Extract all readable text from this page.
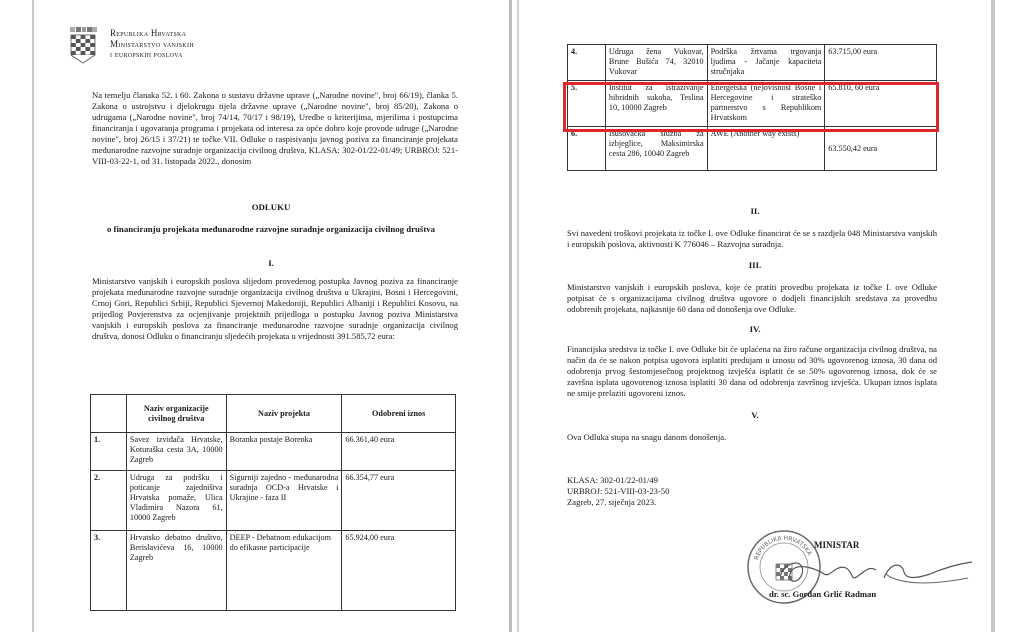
Republika Hrvatska
Ministarstvo vanjskih
i europskih poslova

Na temelju članaka 52. i 60. Zakona o sustavu državne uprave („Narodne novine", broj 66/19), članka 5. Zakona o ustrojstvu i djelokrugu tijela državne uprave („Narodne novine", broj 85/20), Zakona o udrugama („Narodne novine", broj 74/14, 70/17 i 98/19), Uredbe o kriterijima, mjerilima i postupcima financiranja i ugovaranja programa i projekata od interesa za opće dobro koje provode udruge („Narodne novine", broj 26/15 i 37/21) te točke VII. Odluke o raspisivanju javnog poziva za financiranje projekata međunarodne razvojne suradnje organizacija civilnog društva, KLASA: 302-01/22-01/49; URBROJ: 521-VIII-03-22-1, od 31. listopada 2022., donosim

ODLUKU
o financiranju projekata međunarodne razvojne suradnje organizacija civilnog društva
I.

Ministarstvo vanjskih i europskih poslova slijedom provedenog postupka Javnog poziva za financiranje projekata međunarodne razvojne suradnje organizacija civilnog društva u Ukrajini, Bosni i Hercegovini, Crnoj Gori, Republici Srbiji, Republici Sjevernoj Makedoniji, Republici Albaniji i Republici Kosovu, na prijedlog Povjerenstva za ocjenjivanje projektnih prijedloga u postupku Javnog poziva Ministarstva vanjskih i europskih poslova za financiranje međunarodne razvojne suradnje organizacija civilnog društva, donosi Odluku o financiranju sljedećih projekata u vrijednosti 391.585,72 eura:

	Naziv organizacije civilnog društva	Naziv projekta	Odobreni iznos
1.	Savez izviđača Hrvatske, Koturaška cesta 3A, 10000 Zagreb	Boranka postaje Borenka	66.361,40 eura
2.	Udruga za podršku i poticanje zajedništva Hrvatska pomaže, Ulica Vladimira Nazora 61, 10000 Zagreb	Sigurniji zajedno - međunarodna suradnja OCD-a Hrvatske i Ukrajine - faza II	66.354,77 eura
3.	Hrvatsko debatno društvo, Berislavićeva 16, 10000 Zagreb	DEEP - Debatnom edukacijom do efikasne participacije	65.924,00 eura
4.	Udruga žena Vukovar, Brune Bušića 74, 32010 Vukovar	Podrška žrtvama trgovanja ljudima - Jačanje kapaciteta stručnjaka	63.715,00 eura
5.	Institut za istraživanje hibridnih sukoba, Teslina 10, 10000 Zagreb	Energetska (ne)ovisnost Bosne i Hercegovine i strateško partnerstvo s Republikom Hrvatskom	65.810, 60 eura
6.	Isusovačka služba za izbjeglice, Maksimirska cesta 286, 10040 Zagreb	AWE (Another way exists)	63.550,42 eura
II.

Svi navedeni troškovi projekata iz točke I. ove Odluke financirat će se s razdjela 048 Ministarstva vanjskih i europskih poslova, aktivnosti K 776046 – Razvojna suradnja.

III.

Ministarstvo vanjskih i europskih poslova, koje će pratiti provedbu projekata iz točke I. ove Odluke potpisat će s organizacijama civilnog društva ugovore o dodjeli financijskih sredstava za provedbu odobrenih projekata, najkasnije 60 dana od donošenja ove Odluke.

IV.

Financijska sredstva iz točke I. ove Odluke bit će uplaćena na žiro račune organizacija civilnog društva, na način da će se nakon potpisa ugovora isplatiti predujam u iznosu od 30% ugovorenog iznosa, 30 dana od odobrenja prvog šestomjesečnog projektnog izvješća isplatit će se 50% ugovorenog iznosa, dok će se završna isplata ugovorenog iznosa isplatiti 30 dana od odobrenja završnog izvješća. Ukupan iznos isplata ne smije prelaziti ugovoreni iznos.

V.

Ova Odluka stupa na snagu danom donošenja.

KLASA: 302-01/22-01/49
URBROJ: 521-VIII-03-23-50
Zagreb, 27. siječnja 2023.
REPUBLIKA HRVATSKA
MINISTAR
dr. sc. Gordan Grlić Radman
